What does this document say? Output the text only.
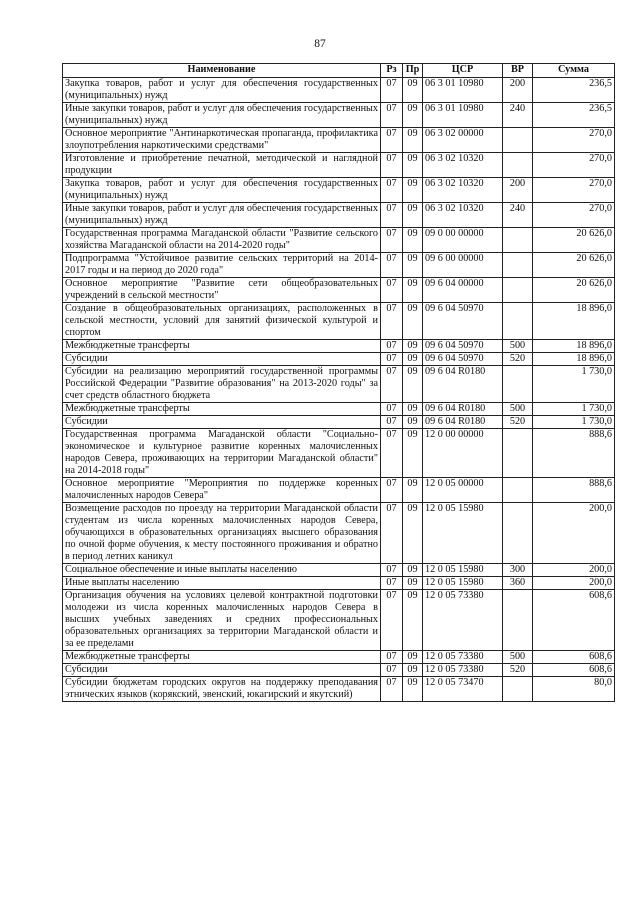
87
Наименование	Рз	Пр	ЦСР	ВР	Сумма
Закупка товаров, работ и услуг для обеспечения государственных (муниципальных) нужд	07	09	06 3 01 10980	200	236,5
Иные закупки товаров, работ и услуг для обеспечения государственных (муниципальных) нужд	07	09	06 3 01 10980	240	236,5
Основное мероприятие "Антинаркотическая пропаганда, профилактика злоупотребления наркотическими средствами"	07	09	06 3 02 00000		270,0
Изготовление и приобретение печатной, методической и наглядной продукции	07	09	06 3 02 10320		270,0
Закупка товаров, работ и услуг для обеспечения государственных (муниципальных) нужд	07	09	06 3 02 10320	200	270,0
Иные закупки товаров, работ и услуг для обеспечения государственных (муниципальных) нужд	07	09	06 3 02 10320	240	270,0
Государственная программа Магаданской области "Развитие сельского хозяйства Магаданской области на 2014-2020 годы"	07	09	09 0 00 00000		20 626,0
Подпрограмма "Устойчивое развитие сельских территорий на 2014-2017 годы и на период до 2020 года"	07	09	09 6 00 00000		20 626,0
Основное мероприятие "Развитие сети общеобразовательных учреждений в сельской местности"	07	09	09 6 04 00000		20 626,0
Создание в общеобразовательных организациях, расположенных в сельской местности, условий для занятий физической культурой и спортом	07	09	09 6 04 50970		18 896,0
Межбюджетные трансферты	07	09	09 6 04 50970	500	18 896,0
Субсидии	07	09	09 6 04 50970	520	18 896,0
Субсидии на реализацию мероприятий государственной программы Российской Федерации "Развитие образования" на 2013-2020 годы" за счет средств областного бюджета	07	09	09 6 04 R0180		1 730,0
Межбюджетные трансферты	07	09	09 6 04 R0180	500	1 730,0
Субсидии	07	09	09 6 04 R0180	520	1 730,0
Государственная программа Магаданской области "Социально-экономическое и культурное развитие коренных малочисленных народов Севера, проживающих на территории Магаданской области" на 2014-2018 годы"	07	09	12 0 00 00000		888,6
Основное мероприятие "Мероприятия по поддержке коренных малочисленных народов Севера"	07	09	12 0 05 00000		888,6
Возмещение расходов по проезду на территории Магаданской области студентам из числа коренных малочисленных народов Севера, обучающихся в образовательных организациях высшего образования по очной форме обучения, к месту постоянного проживания и обратно в период летних каникул	07	09	12 0 05 15980		200,0
Социальное обеспечение и иные выплаты населению	07	09	12 0 05 15980	300	200,0
Иные выплаты населению	07	09	12 0 05 15980	360	200,0
Организация обучения на условиях целевой контрактной подготовки молодежи из числа коренных малочисленных народов Севера в высших учебных заведениях и средних профессиональных образовательных организациях за территории Магаданской области и за ее пределами	07	09	12 0 05 73380		608,6
Межбюджетные трансферты	07	09	12 0 05 73380	500	608,6
Субсидии	07	09	12 0 05 73380	520	608,6
Субсидии бюджетам городских округов на поддержку преподавания этнических языков (корякский, эвенский, юкагирский и якутский)	07	09	12 0 05 73470		80,0
